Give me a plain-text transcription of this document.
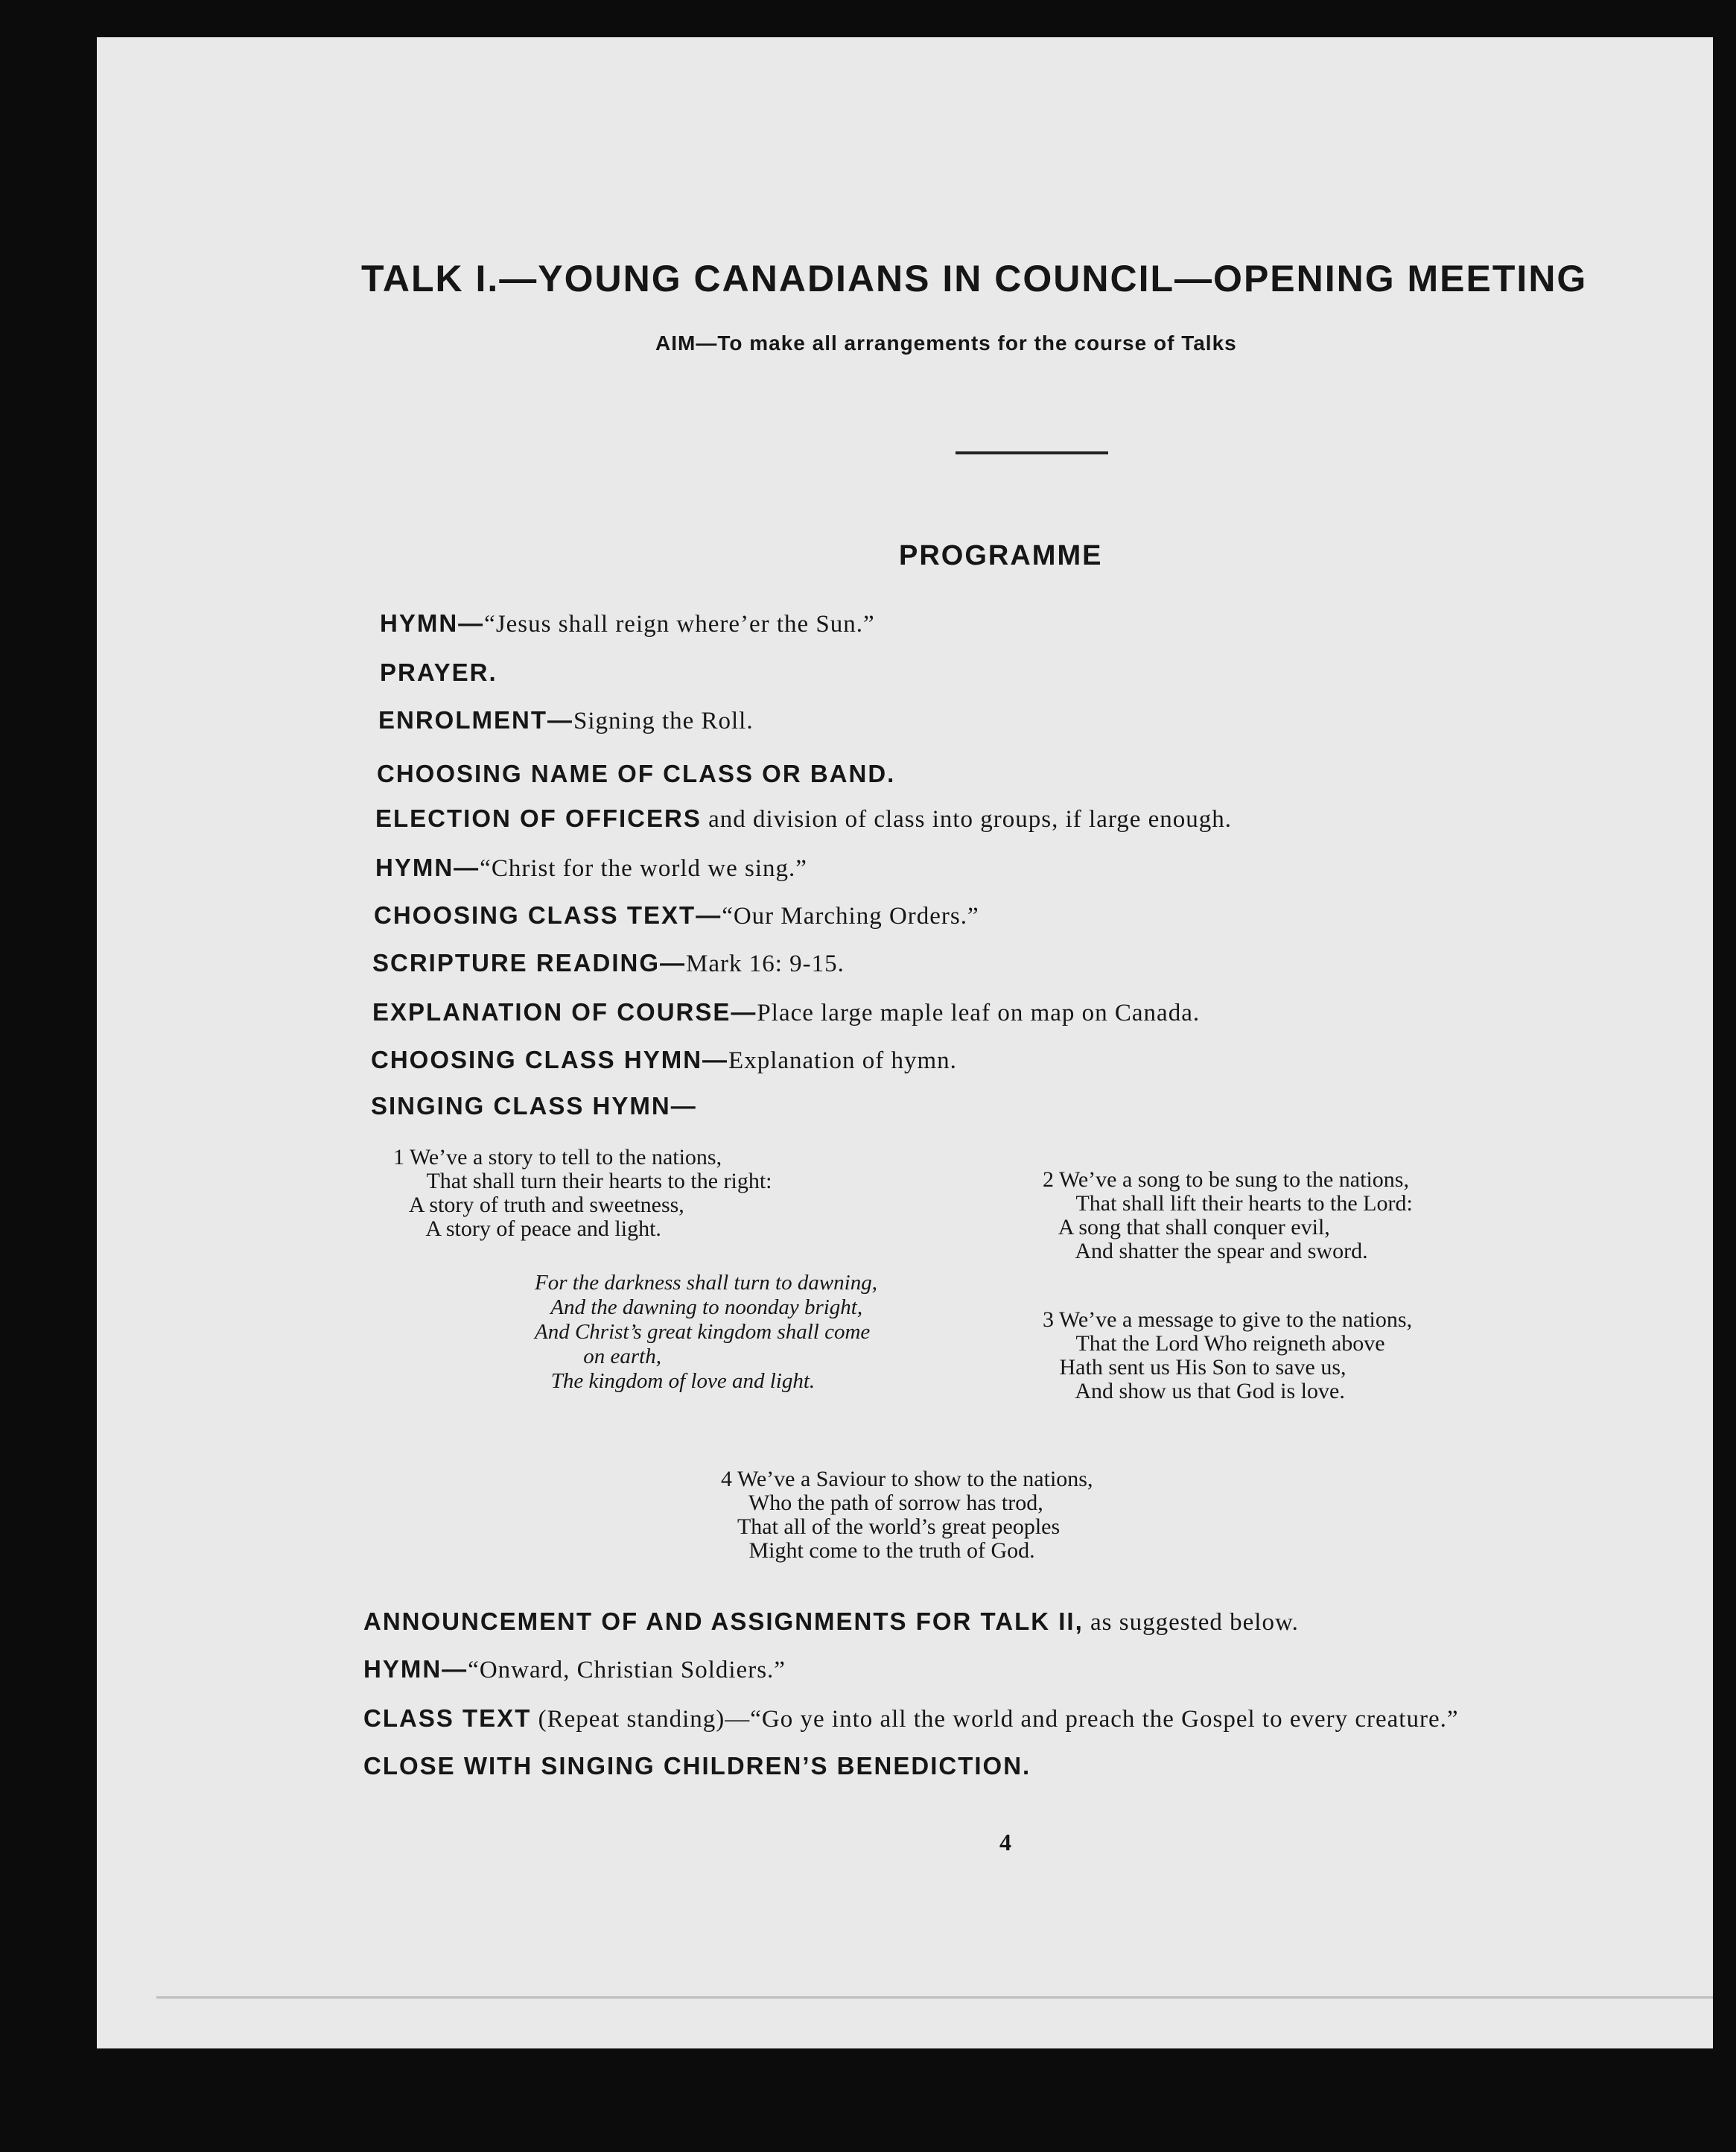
TALK I.—YOUNG CANADIANS IN COUNCIL—OPENING MEETING
AIM—To make all arrangements for the course of Talks
PROGRAMME
HYMN—“Jesus shall reign where’er the Sun.”
PRAYER.
ENROLMENT—Signing the Roll.
CHOOSING NAME OF CLASS OR BAND.
ELECTION OF OFFICERS and division of class into groups, if large enough.
HYMN—“Christ for the world we sing.”
CHOOSING CLASS TEXT—“Our Marching Orders.”
SCRIPTURE READING—Mark 16: 9-15.
EXPLANATION OF COURSE—Place large maple leaf on map on Canada.
CHOOSING CLASS HYMN—Explanation of hymn.
SINGING CLASS HYMN—
1 We’ve a story to tell to the nations,
That shall turn their hearts to the right:
A story of truth and sweetness,
A story of peace and light.
For the darkness shall turn to dawning,
And the dawning to noonday bright,
And Christ’s great kingdom shall come
on earth,
The kingdom of love and light.
2 We’ve a song to be sung to the nations,
That shall lift their hearts to the Lord:
A song that shall conquer evil,
And shatter the spear and sword.
3 We’ve a message to give to the nations,
That the Lord Who reigneth above
Hath sent us His Son to save us,
And show us that God is love.
4 We’ve a Saviour to show to the nations,
Who the path of sorrow has trod,
That all of the world’s great peoples
Might come to the truth of God.
ANNOUNCEMENT OF AND ASSIGNMENTS FOR TALK II, as suggested below.
HYMN—“Onward, Christian Soldiers.”
CLASS TEXT (Repeat standing)—“Go ye into all the world and preach the Gospel to every creature.”
CLOSE WITH SINGING CHILDREN’S BENEDICTION.
4
